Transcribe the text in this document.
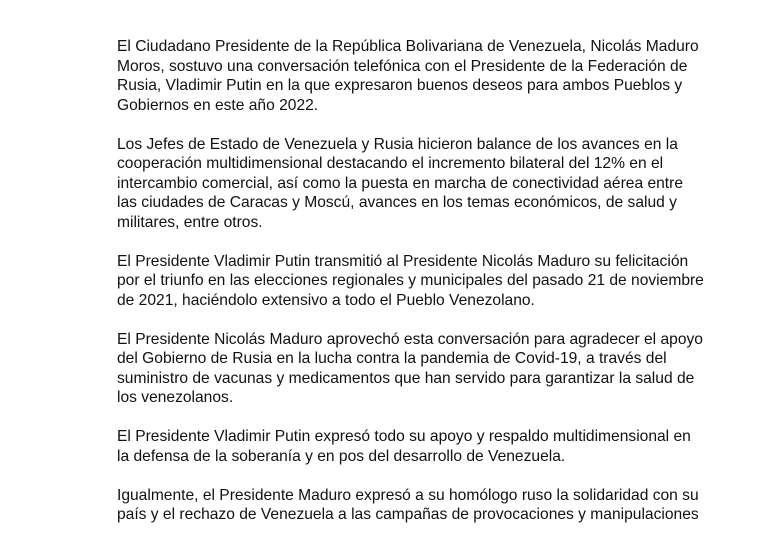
El Ciudadano Presidente de la República Bolivariana de Venezuela, Nicolás Maduro
Moros, sostuvo una conversación telefónica con el Presidente de la Federación de
Rusia, Vladimir Putin en la que expresaron buenos deseos para ambos Pueblos y
Gobiernos en este año 2022.

Los Jefes de Estado de Venezuela y Rusia hicieron balance de los avances en la
cooperación multidimensional destacando el incremento bilateral del 12% en el
intercambio comercial, así como la puesta en marcha de conectividad aérea entre
las ciudades de Caracas y Moscú, avances en los temas económicos, de salud y
militares, entre otros.

El Presidente Vladimir Putin transmitió al Presidente Nicolás Maduro su felicitación
por el triunfo en las elecciones regionales y municipales del pasado 21 de noviembre
de 2021, haciéndolo extensivo a todo el Pueblo Venezolano.

El Presidente Nicolás Maduro aprovechó esta conversación para agradecer el apoyo
del Gobierno de Rusia en la lucha contra la pandemia de Covid-19, a través del
suministro de vacunas y medicamentos que han servido para garantizar la salud de
los venezolanos.

El Presidente Vladimir Putin expresó todo su apoyo y respaldo multidimensional en
la defensa de la soberanía y en pos del desarrollo de Venezuela.

Igualmente, el Presidente Maduro expresó a su homólogo ruso la solidaridad con su
país y el rechazo de Venezuela a las campañas de provocaciones y manipulaciones
